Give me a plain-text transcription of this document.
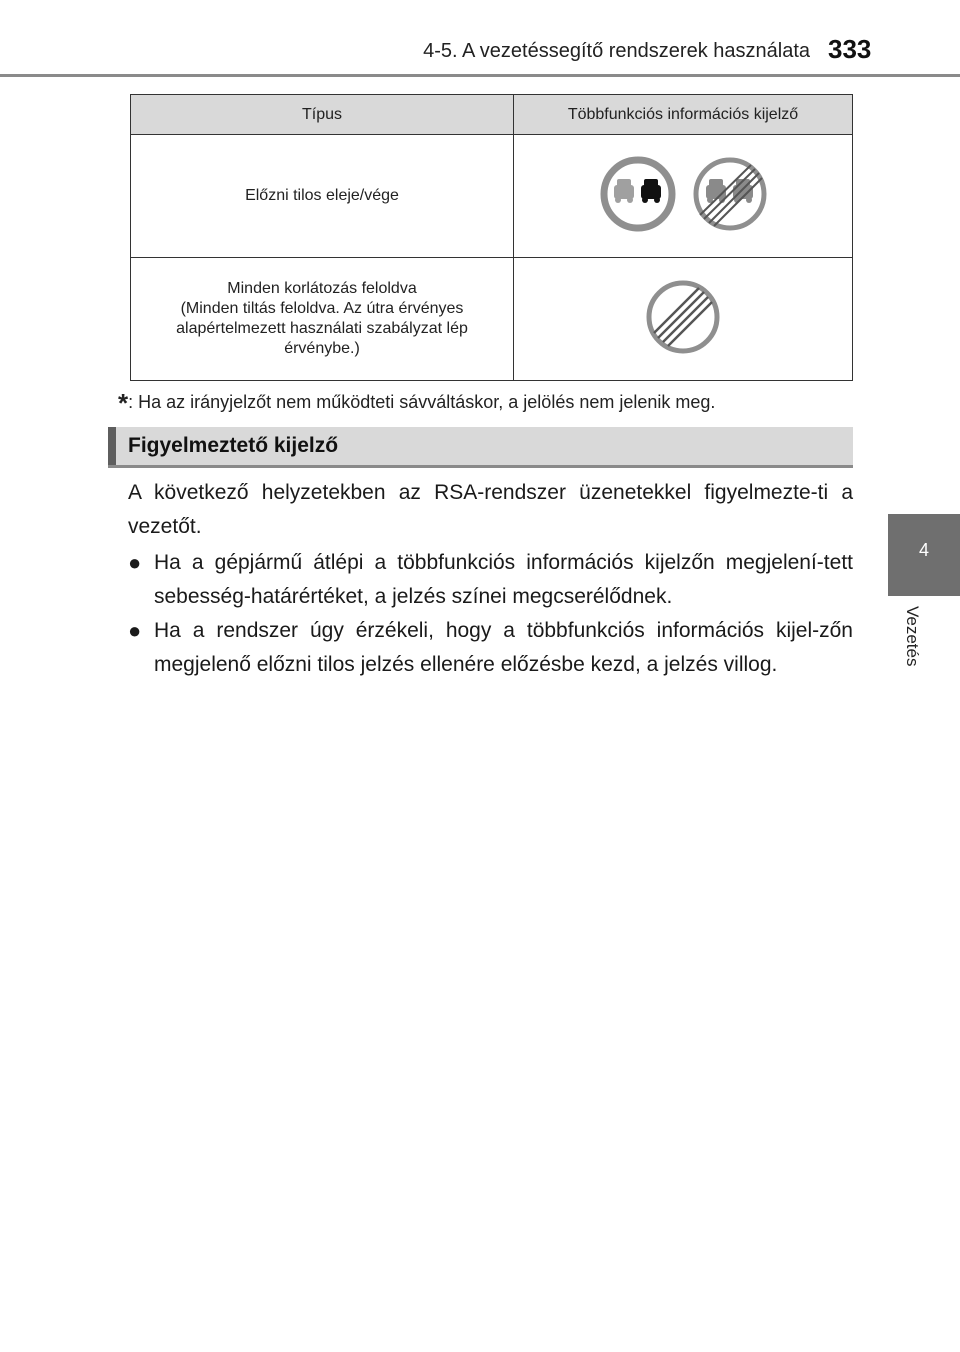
4-5. A vezetéssegítő rendszerek használata 333
4
Vezetés
Típus	Többfunkciós információs kijelző

Előzni tilos eleje/vége

Minden korlátozás feloldva
(Minden tiltás feloldva. Az útra érvényes
alapértelmezett használati szabályzat lép
érvénybe.)

*: Ha az irányjelzőt nem működteti sávváltáskor, a jelölés nem jelenik meg.
Figyelmeztető kijelző
A következő helyzetekben az RSA-rendszer üzenetekkel figyelmezte-ti a vezetőt.
● Ha a gépjármű átlépi a többfunkciós információs kijelzőn megjelení-tett sebesség-határértéket, a jelzés színei megcserélődnek.
● Ha a rendszer úgy érzékeli, hogy a többfunkciós információs kijel-zőn megjelenő előzni tilos jelzés ellenére előzésbe kezd, a jelzés villog.
